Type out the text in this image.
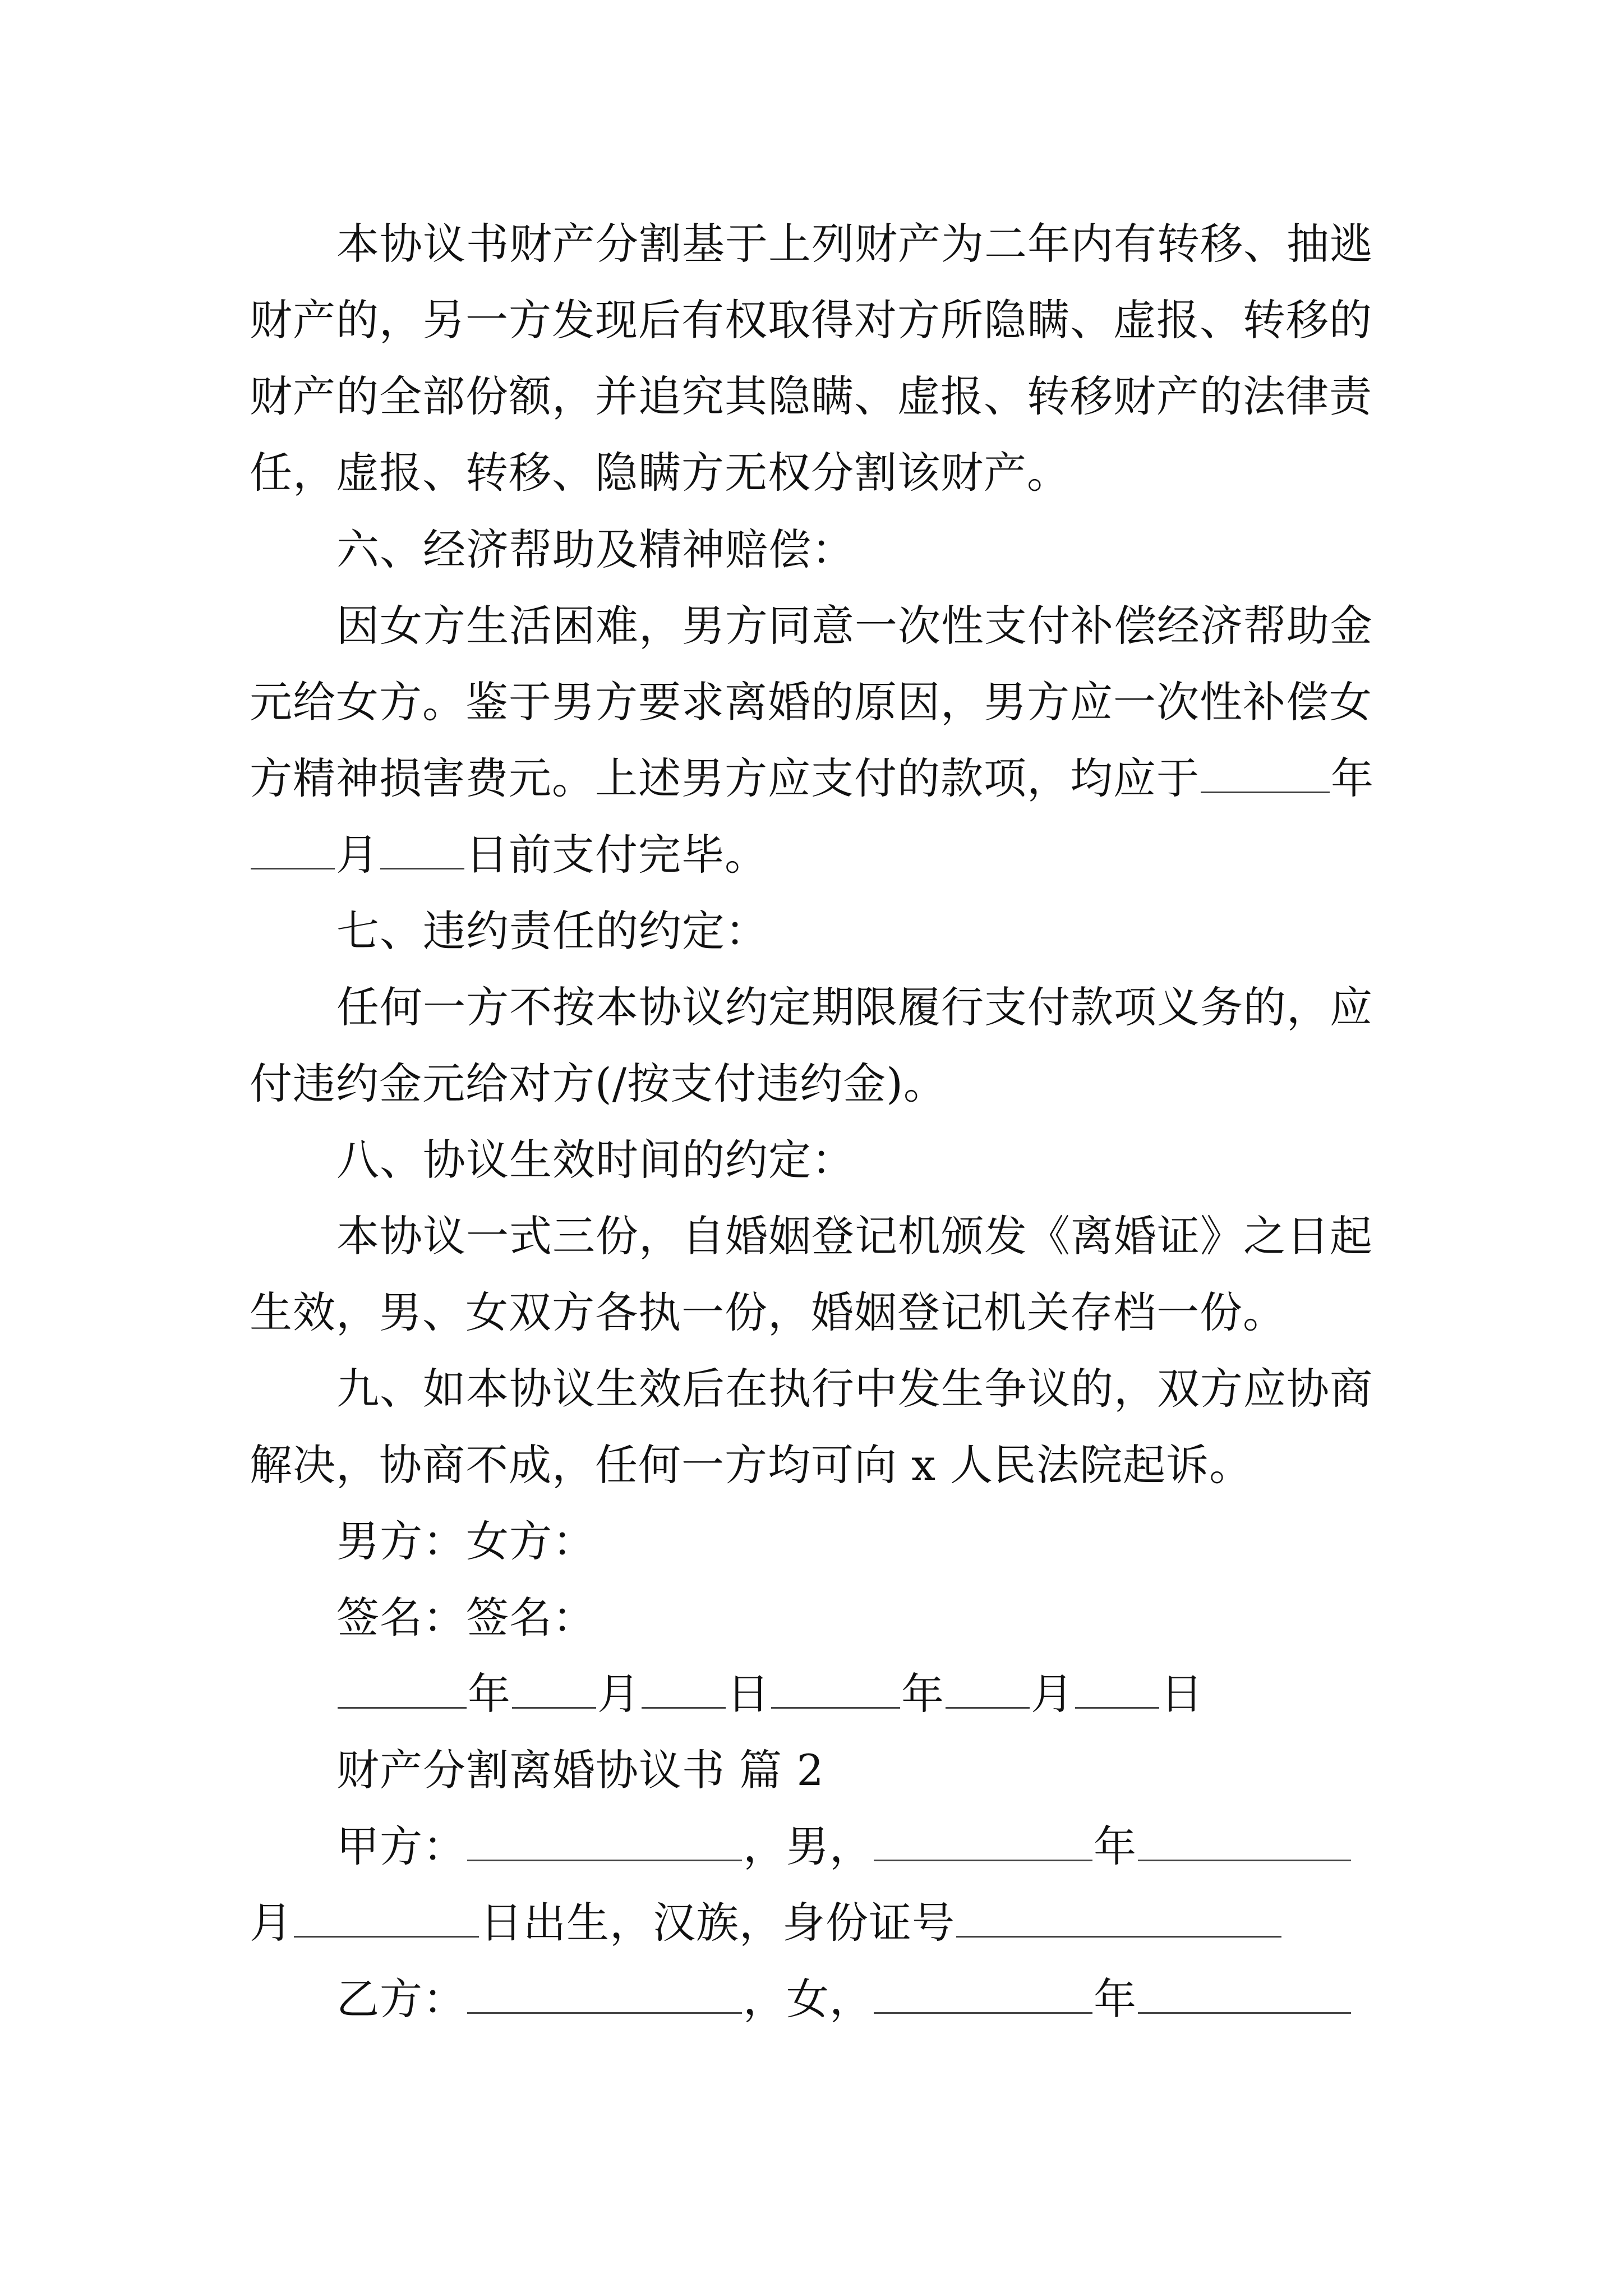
本协议书财产分割基于上列财产为二年内有转移、抽逃
财产的，另一方发现后有权取得对方所隐瞒、虚报、转移的
财产的全部份额，并追究其隐瞒、虚报、转移财产的法律责
任，虚报、转移、隐瞒方无权分割该财产。
六、经济帮助及精神赔偿：
因女方生活困难，男方同意一次性支付补偿经济帮助金
元给女方。鉴于男方要求离婚的原因，男方应一次性补偿女
方精神损害费元。上述男方应支付的款项，均应于	年
月 日前支付完毕。
七、违约责任的约定：
任何一方不按本协议约定期限履行支付款项义务的，应
付违约金元给对方(/按支付违约金)。
八、协议生效时间的约定：
本协议一式三份，自婚姻登记机颁发《离婚证》之日起
生效，男、女双方各执一份，婚姻登记机关存档一份。
九、如本协议生效后在执行中发生争议的，双方应协商
解决，协商不成，任何一方均可向 x 人民法院起诉。
男方：女方：
签名：签名：
年 月 日	年 月 日
财产分割离婚协议书 篇 2
甲方：	，男，	年
月	日出生，汉族，身份证号
乙方：	，女，	年
